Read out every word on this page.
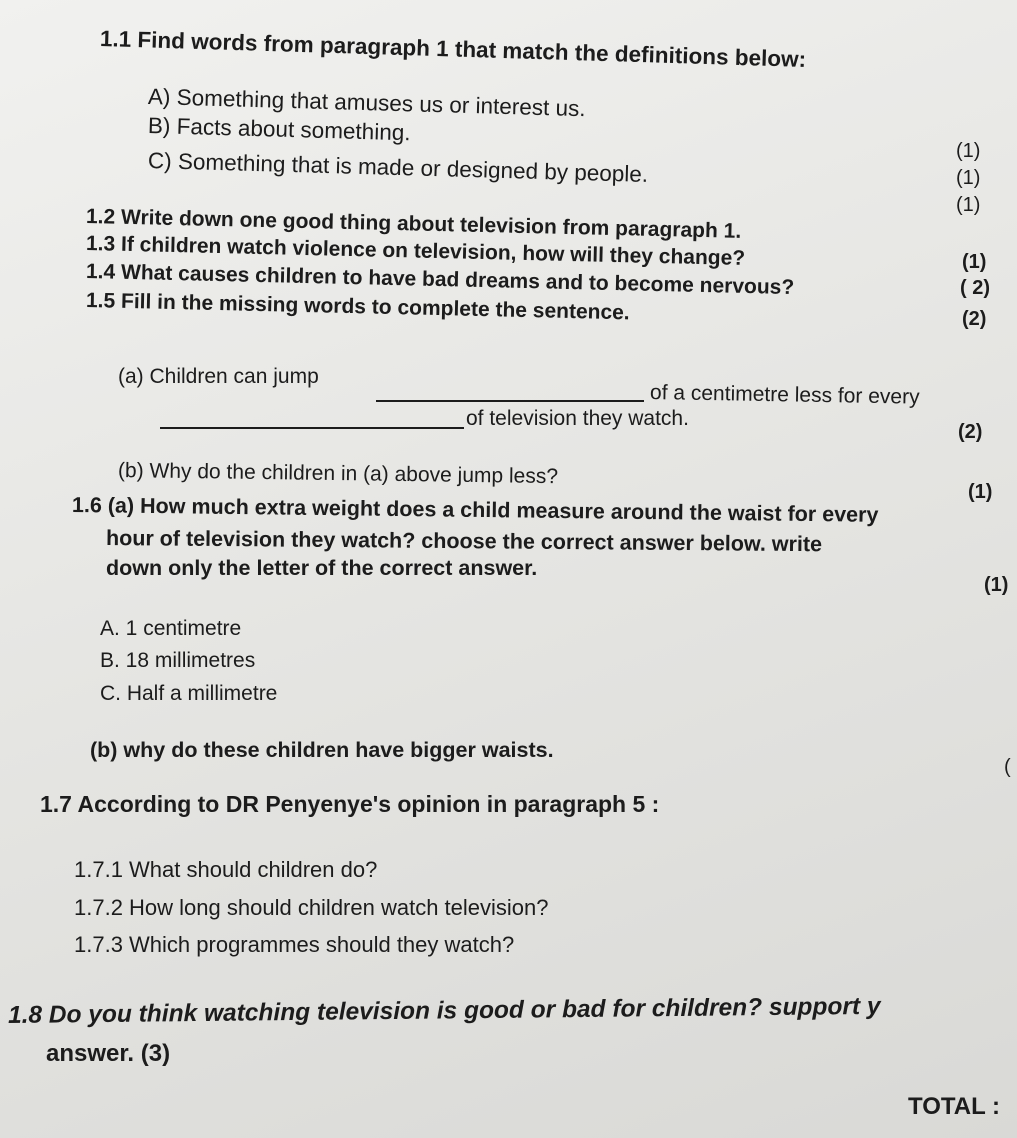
1.1 Find words from paragraph 1 that match the definitions below:
A) Something that amuses us or interest us.
B) Facts about something.
C) Something that is made or designed by people.	(1)
(1)
(1)
1.2 Write down one good thing about television from paragraph 1.
(1)
1.3 If children watch violence on television, how will they change?
( 2)
1.4 What causes children to have bad dreams and to become nervous?
(2)
1.5 Fill in the missing words to complete the sentence.
(a) Children can jump
of a centimetre less for every
of television they watch.
(2)
(b) Why do the children in (a) above jump less?
(1)
1.6 (a) How much extra weight does a child measure around the waist for every
hour of television they watch? choose the correct answer below. write
down only the letter of the correct answer.
(1)
A. 1 centimetre
B. 18 millimetres
C. Half a millimetre
(b) why do these children have bigger waists.
(
1.7 According to DR Penyenye's opinion in paragraph 5 :
1.7.1 What should children do?
1.7.2 How long should children watch television?
1.7.3 Which programmes should they watch?
1.8 Do you think watching television is good or bad for children? support y
answer. (3)
TOTAL :
